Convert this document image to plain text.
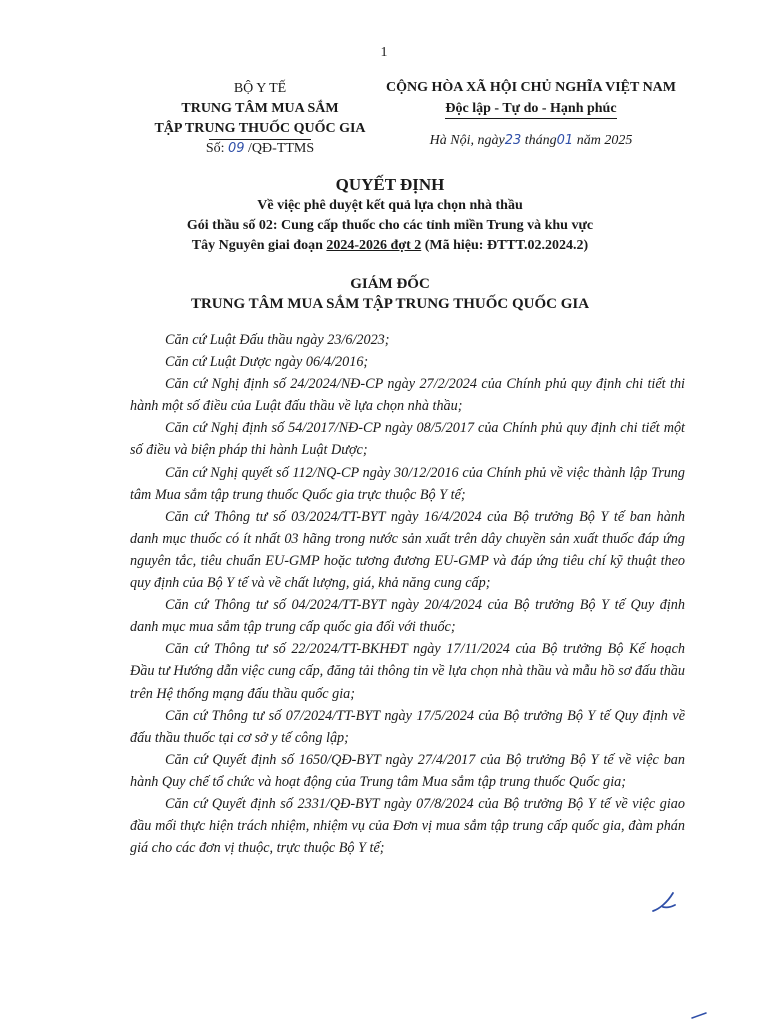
1
BỘ Y TẾ
TRUNG TÂM MUA SẮM
TẬP TRUNG THUỐC QUỐC GIA
Số: 09 /QĐ-TTMS
CỘNG HÒA XÃ HỘI CHỦ NGHĨA VIỆT NAM
Độc lập - Tự do - Hạnh phúc
Hà Nội, ngày23 tháng01 năm 2025
QUYẾT ĐỊNH
Về việc phê duyệt kết quả lựa chọn nhà thầu
Gói thầu số 02: Cung cấp thuốc cho các tỉnh miền Trung và khu vực
Tây Nguyên giai đoạn 2024-2026 đợt 2 (Mã hiệu: ĐTTT.02.2024.2)
GIÁM ĐỐC
TRUNG TÂM MUA SẮM TẬP TRUNG THUỐC QUỐC GIA

Căn cứ Luật Đấu thầu ngày 23/6/2023;

Căn cứ Luật Dược ngày 06/4/2016;

Căn cứ Nghị định số 24/2024/NĐ-CP ngày 27/2/2024 của Chính phủ quy định chi tiết thi hành một số điều của Luật đấu thầu về lựa chọn nhà thầu;

Căn cứ Nghị định số 54/2017/NĐ-CP ngày 08/5/2017 của Chính phủ quy định chi tiết một số điều và biện pháp thi hành Luật Dược;

Căn cứ Nghị quyết số 112/NQ-CP ngày 30/12/2016 của Chính phủ về việc thành lập Trung tâm Mua sắm tập trung thuốc Quốc gia trực thuộc Bộ Y tế;

Căn cứ Thông tư số 03/2024/TT-BYT ngày 16/4/2024 của Bộ trưởng Bộ Y tế ban hành danh mục thuốc có ít nhất 03 hãng trong nước sản xuất trên dây chuyền sản xuất thuốc đáp ứng nguyên tắc, tiêu chuẩn EU-GMP hoặc tương đương EU-GMP và đáp ứng tiêu chí kỹ thuật theo quy định của Bộ Y tế và về chất lượng, giá, khả năng cung cấp;

Căn cứ Thông tư số 04/2024/TT-BYT ngày 20/4/2024 của Bộ trưởng Bộ Y tế Quy định danh mục mua sắm tập trung cấp quốc gia đối với thuốc;

Căn cứ Thông tư số 22/2024/TT-BKHĐT ngày 17/11/2024 của Bộ trưởng Bộ Kế hoạch Đầu tư Hướng dẫn việc cung cấp, đăng tải thông tin về lựa chọn nhà thầu và mẫu hồ sơ đấu thầu trên Hệ thống mạng đấu thầu quốc gia;

Căn cứ Thông tư số 07/2024/TT-BYT ngày 17/5/2024 của Bộ trưởng Bộ Y tế Quy định về đấu thầu thuốc tại cơ sở y tế công lập;

Căn cứ Quyết định số 1650/QĐ-BYT ngày 27/4/2017 của Bộ trưởng Bộ Y tế về việc ban hành Quy chế tổ chức và hoạt động của Trung tâm Mua sắm tập trung thuốc Quốc gia;

Căn cứ Quyết định số 2331/QĐ-BYT ngày 07/8/2024 của Bộ trưởng Bộ Y tế về việc giao đầu mối thực hiện trách nhiệm, nhiệm vụ của Đơn vị mua sắm tập trung cấp quốc gia, đàm phán giá cho các đơn vị thuộc, trực thuộc Bộ Y tế;
